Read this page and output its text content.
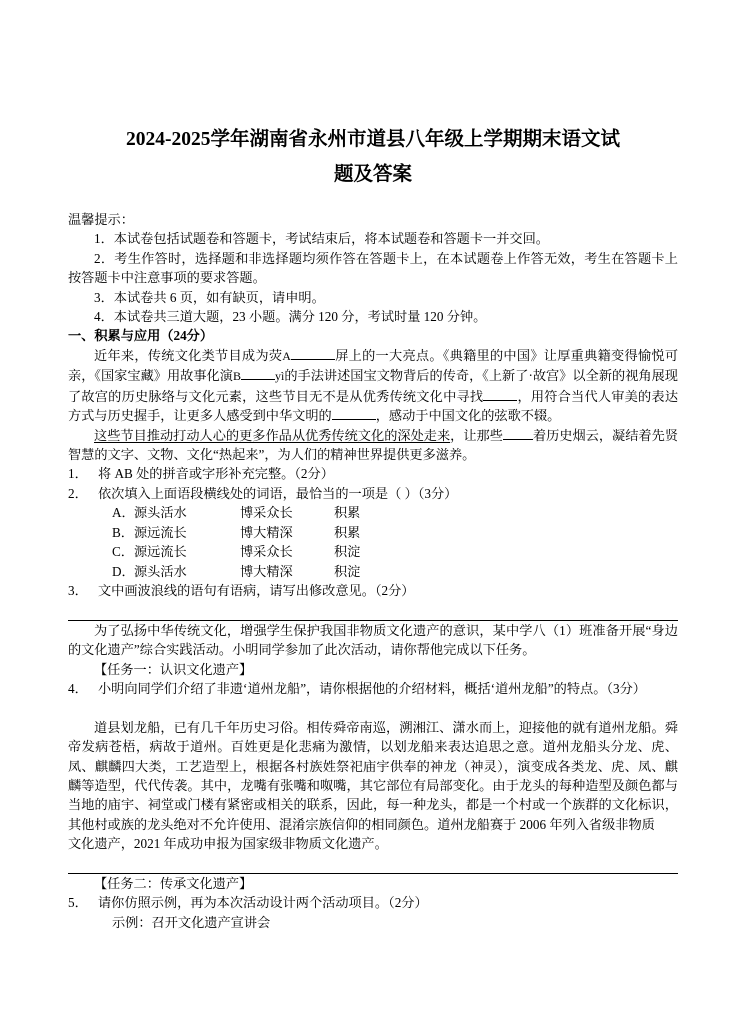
2024-2025学年湖南省永州市道县八年级上学期期末语文试
题及答案
温馨提示：

1．本试卷包括试题卷和答题卡，考试结束后，将本试题卷和答题卡一并交回。

2．考生作答时，选择题和非选择题均须作答在答题卡上，在本试题卷上作答无效，考生在答题卡上按答题卡中注意事项的要求答题。

3．本试卷共 6 页，如有缺页，请申明。

4．本试卷共三道大题，23 小题。满分 120 分，考试时量 120 分钟。

一、积累与应用（24分）

近年来，传统文化类节目成为荧A	屏上的一大亮点。《典籍里的中国》让厚重典籍变得愉悦可亲，《国家宝藏》用故事化演B	yì的手法讲述国宝文物背后的传奇，《上新了·故宫》以全新的视角展现了故宫的历史脉络与文化元素，这些节目无不是从优秀传统文化中寻找	，用符合当代人审美的表达方式与历史握手，让更多人感受到中华文明的	，感动于中国文化的弦歌不辍。

这些节目推动打动人心的更多作品从优秀传统文化的深处走来，让那些 着历史烟云，凝结着先贤智慧的文字、文物、文化“热起来”，为人们的精神世界提供更多滋养。

1． 将 AB 处的拼音或字形补充完整。（2分）

2． 依次填入上面语段横线处的词语，最恰当的一项是（ ）（3分）

A．源头活水	博采众长	积累

B．源远流长	博大精深	积累

C．源远流长	博采众长	积淀

D．源头活水	博大精深	积淀

3． 文中画波浪线的语句有语病，请写出修改意见。（2分）

为了弘扬中华传统文化，增强学生保护我国非物质文化遗产的意识，某中学八（1）班准备开展“身边的文化遗产”综合实践活动。小明同学参加了此次活动，请你帮他完成以下任务。

【任务一：认识文化遗产】

4． 小明向同学们介绍了非遗‘道州龙船”，请你根据他的介绍材料，概括‘道州龙船”的特点。（3分）

道县划龙船，已有几千年历史习俗。相传舜帝南巡，溯湘江、潇水而上，迎接他的就有道州龙船。舜帝发病苍梧，病故于道州。百姓更是化悲痛为激情，以划龙船来表达追思之意。道州龙船头分龙、虎、凤、麒麟四大类，工艺造型上，根据各村族姓祭祀庙宇供奉的神龙（神灵），演变成各类龙、虎、凤、麒麟等造型，代代传袭。其中，龙嘴有张嘴和呶嘴，其它部位有局部变化。由于龙头的每种造型及颜色都与当地的庙宇、祠堂或门楼有紧密或相关的联系，因此，每一种龙头，都是一个村或一个族群的文化标识，其他村或族的龙头绝对不允许使用、混淆宗族信仰的相同颜色。道州龙船赛于 2006 年列入省级非物质

文化遗产，2021 年成功申报为国家级非物质文化遗产。

【任务二：传承文化遗产】

5． 请你仿照示例，再为本次活动设计两个活动项目。（2分）

示例：召开文化遗产宣讲会
